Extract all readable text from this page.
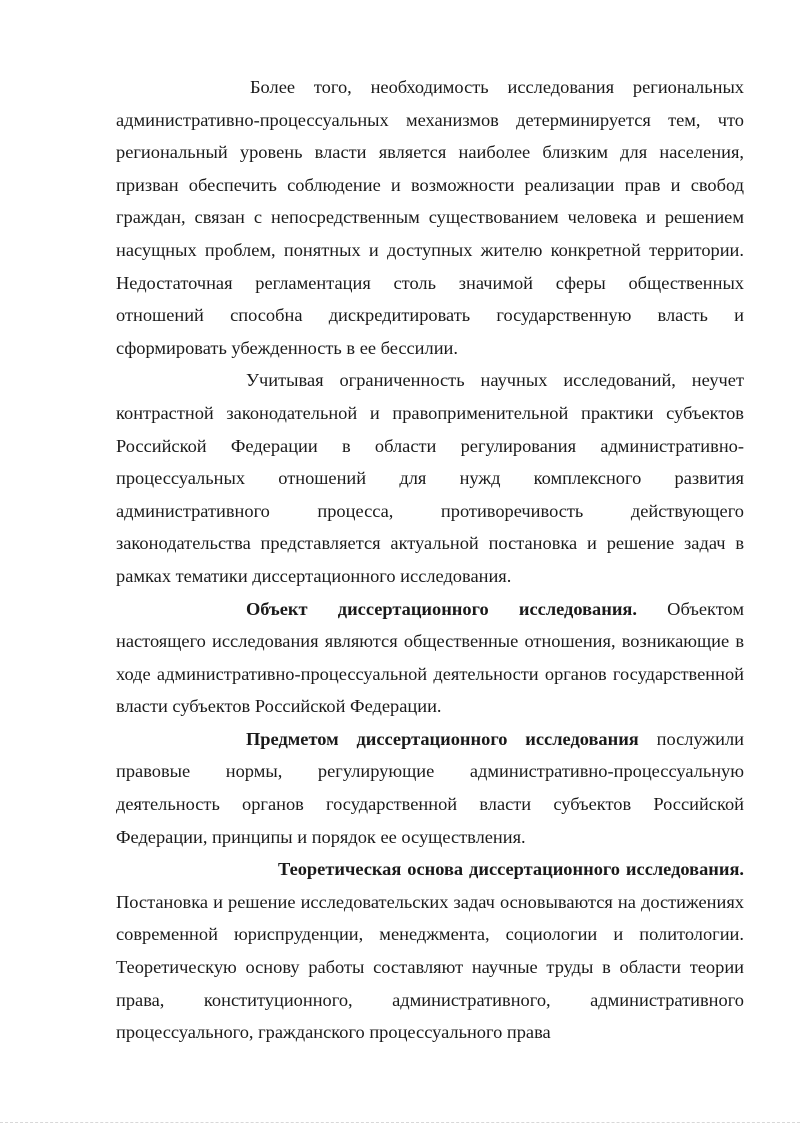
Более того, необходимость исследования региональных административно-процессуальных механизмов детерминируется тем, что региональный уровень власти является наиболее близким для населения, призван обеспечить соблюдение и возможности реализации прав и свобод граждан, связан с непосредственным существованием человека и решением насущных проблем, понятных и доступных жителю конкретной территории. Недостаточная регламентация столь значимой сферы общественных отношений способна дискредитировать государственную власть и сформировать убежденность в ее бессилии.

Учитывая ограниченность научных исследований, неучет контрастной законодательной и правоприменительной практики субъектов Российской Федерации в области регулирования административно-процессуальных отношений для нужд комплексного развития административного процесса, противоречивость действующего законодательства представляется актуальной постановка и решение задач в рамках тематики диссертационного исследования.

Объект диссертационного исследования. Объектом настоящего исследования являются общественные отношения, возникающие в ходе административно-процессуальной деятельности органов государственной власти субъектов Российской Федерации.

Предметом диссертационного исследования послужили правовые нормы, регулирующие административно-процессуальную деятельность органов государственной власти субъектов Российской Федерации, принципы и порядок ее осуществления.

Теоретическая основа диссертационного исследования. Постановка и решение исследовательских задач основываются на достижениях современной юриспруденции, менеджмента, социологии и политологии. Теоретическую основу работы составляют научные труды в области теории права, конституционного, административного, административного процессуального, гражданского процессуального права
